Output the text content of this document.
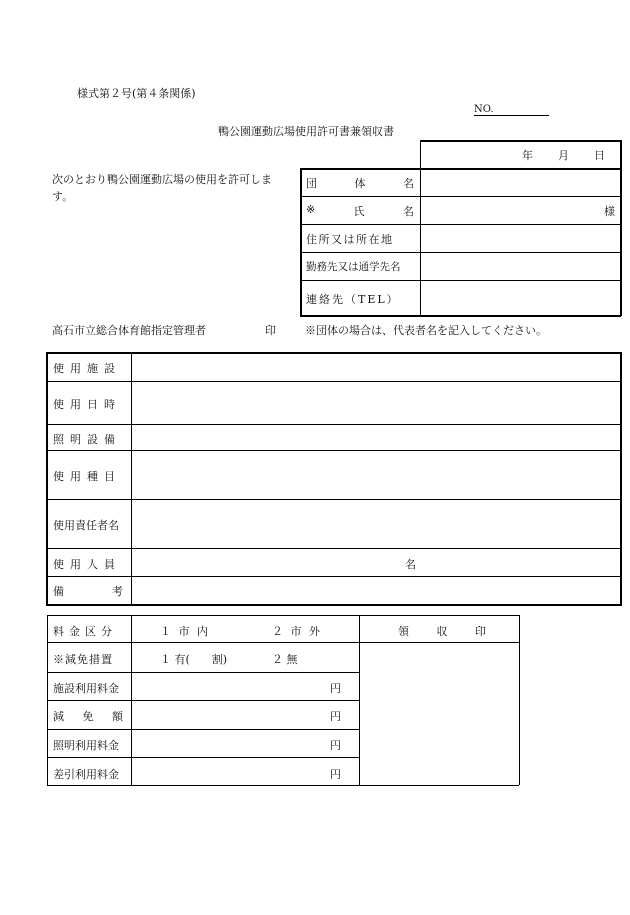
様式第２号(第４条関係)
NO.
鴨公園運動広場使用許可書兼領収書
次のとおり鴨公園運動広場の使用を許可します。
年 月 日
団	体	名
※	氏	名	様
住所又は所在地
勤務先又は通学先名
連絡先（TEL）
高石市立総合体育館指定管理者	印	※団体の場合は、代表者名を記入してください。
使用施設
使用日時
照明設備
使用種目
使用責任者名
使用人員	名
備	考
料金区分	１ 市 内	２ 市 外	領	収	印
※減免措置	１ 有(　　割)	２ 無
施設利用料金	円
減 免 額	円
照明利用料金	円
差引利用料金	円
